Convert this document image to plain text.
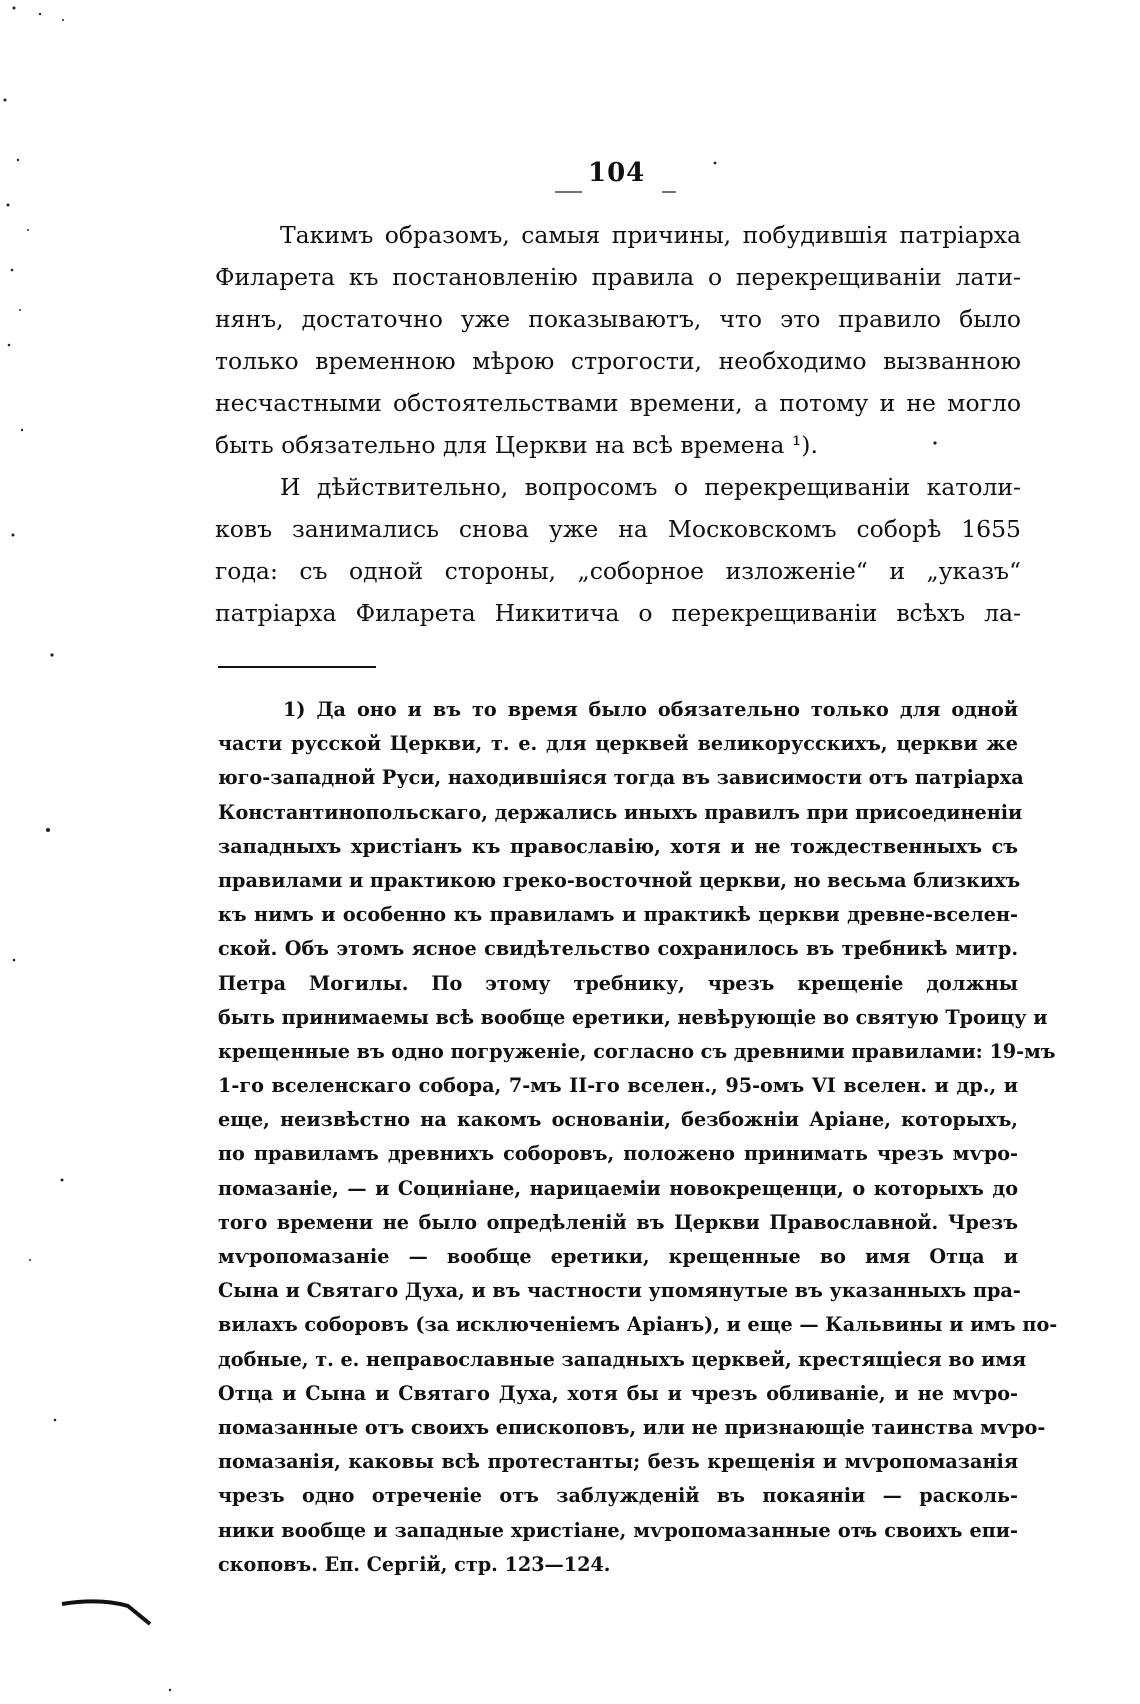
104
Такимъ образомъ, самыя причины, побудившія патріарха
Филарета къ постановленію правила о перекрещиваніи лати-
нянъ, достаточно уже показываютъ, что это правило было
только временною мѣрою строгости, необходимо вызванною
несчастными обстоятельствами времени, а потому и не могло
быть обязательно для Церкви на всѣ времена ¹).
И дѣйствительно, вопросомъ о перекрещиваніи католи-
ковъ занимались снова уже на Московскомъ соборѣ 1655
года: съ одной стороны, „соборное изложеніе“ и „указъ“
патріарха Филарета Никитича о перекрещиваніи всѣхъ ла-
1) Да оно и въ то время было обязательно только для одной
части русской Церкви, т. е. для церквей великорусскихъ, церкви же
юго-западной Руси, находившіяся тогда въ зависимости отъ патріарха
Константинопольскаго, держались иныхъ правилъ при присоединеніи
западныхъ христіанъ къ православію, хотя и не тождественныхъ съ
правилами и практикою греко-восточной церкви, но весьма близкихъ
къ нимъ и особенно къ правиламъ и практикѣ церкви древне-вселен-
ской. Объ этомъ ясное свидѣтельство сохранилось въ требникѣ митр.
Петра Могилы. По этому требнику, чрезъ крещеніе должны
быть принимаемы всѣ вообще еретики, невѣрующіе во святую Троицу и
крещенные въ одно погруженіе, согласно съ древними правилами: 19-мъ
1-го вселенскаго собора, 7-мъ II-го вселен., 95-омъ VI вселен. и др., и
еще, неизвѣстно на какомъ основаніи, безбожніи Аріане, которыхъ,
по правиламъ древнихъ соборовъ, положено принимать чрезъ мѵро-
помазаніе, — и Социніане, нарицаеміи новокрещенци, о которыхъ до
того времени не было опредѣленій въ Церкви Православной. Чрезъ
мѵропомазаніе — вообще еретики, крещенные во имя Отца и
Сына и Святаго Духа, и въ частности упомянутые въ указанныхъ пра-
вилахъ соборовъ (за исключеніемъ Аріанъ), и еще — Кальвины и имъ по-
добные, т. е. неправославные западныхъ церквей, крестящіеся во имя
Отца и Сына и Святаго Духа, хотя бы и чрезъ обливаніе, и не мѵро-
помазанные отъ своихъ епископовъ, или не признающіе таинства мѵро-
помазанія, каковы всѣ протестанты; безъ крещенія и мѵропомазанія
чрезъ одно отреченіе отъ заблужденій въ покаяніи — расколь-
ники вообще и западные христіане, мѵропомазанные отъ своихъ епи-
скоповъ. Еп. Сергій, стр. 123—124.
